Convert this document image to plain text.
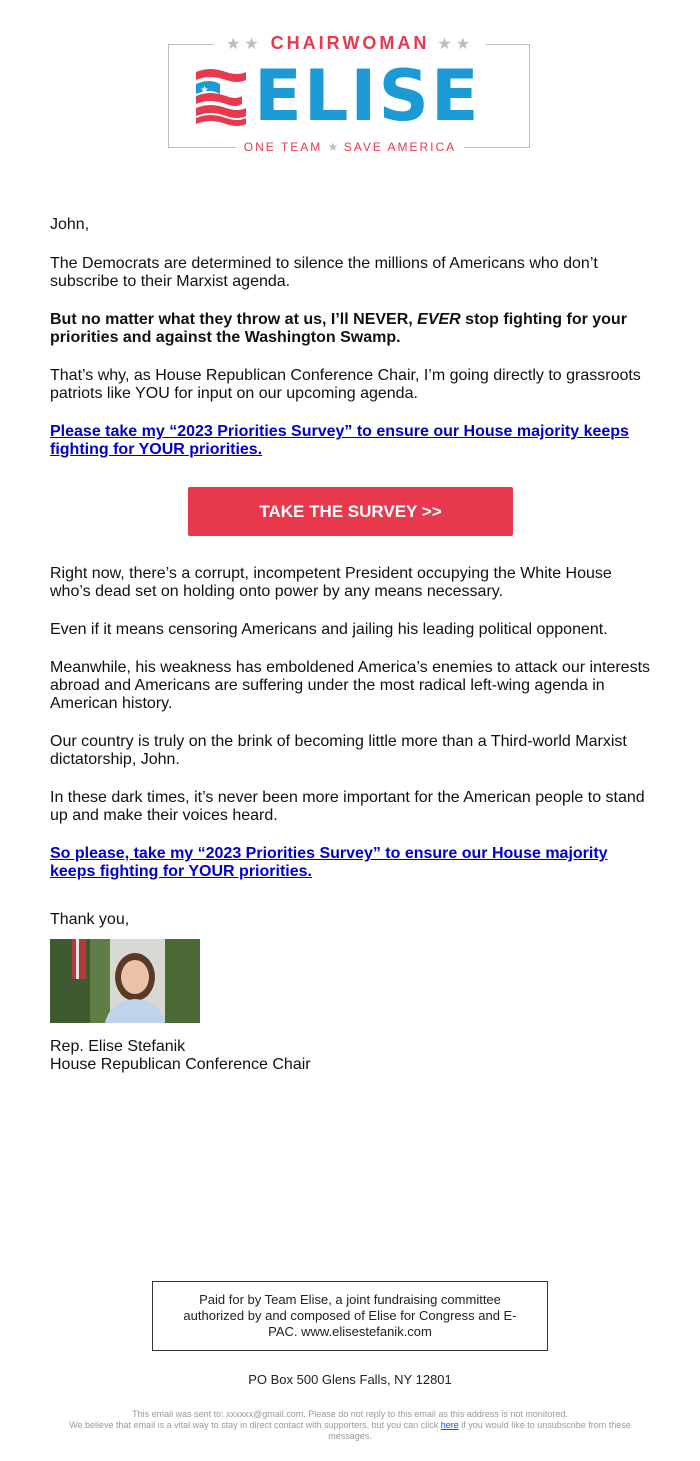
★★ CHAIRWOMAN ★★
★ ELISE
ONE TEAM ★ SAVE AMERICA

John,

The Democrats are determined to silence the millions of Americans who don’t subscribe to their Marxist agenda.

But no matter what they throw at us, I’ll NEVER, EVER stop fighting for your priorities and against the Washington Swamp.

That’s why, as House Republican Conference Chair, I’m going directly to grassroots patriots like YOU for input on our upcoming agenda.

Please take my “2023 Priorities Survey” to ensure our House majority keeps fighting for YOUR priorities.

Right now, there’s a corrupt, incompetent President occupying the White House who’s dead set on holding onto power by any means necessary.

Even if it means censoring Americans and jailing his leading political opponent.

Meanwhile, his weakness has emboldened America’s enemies to attack our interests abroad and Americans are suffering under the most radical left-wing agenda in American history.

Our country is truly on the brink of becoming little more than a Third-world Marxist dictatorship, John.

In these dark times, it’s never been more important for the American people to stand up and make their voices heard.

So please, take my “2023 Priorities Survey” to ensure our House majority keeps fighting for YOUR priorities.

Thank you,

TAKE THE SURVEY >>
Rep. Elise Stefanik
House Republican Conference Chair
Paid for by Team Elise, a joint fundraising committee authorized by and composed of Elise for Congress and E-PAC. www.elisestefanik.com
PO Box 500 Glens Falls, NY 12801
This email was sent to: xxxxxx@gmail.com. Please do not reply to this email as this address is not monitored.
We believe that email is a vital way to stay in direct contact with supporters, but you can click here if you would like to unsubscribe from these messages.
